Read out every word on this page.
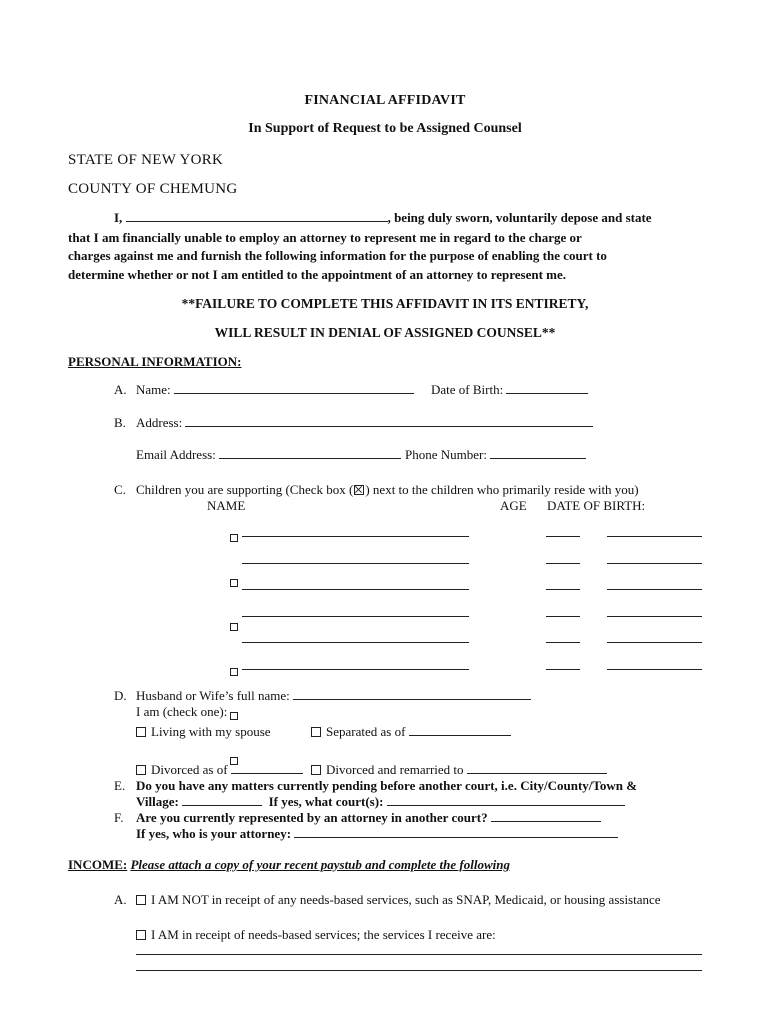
FINANCIAL AFFIDAVIT
In Support of Request to be Assigned Counsel
STATE OF NEW YORK
COUNTY OF CHEMUNG
I,	, being duly sworn, voluntarily depose and state
that I am financially unable to employ an attorney to represent me in regard to the charge or
charges against me and furnish the following information for the purpose of enabling the court to
determine whether or not I am entitled to the appointment of an attorney to represent me.
**FAILURE TO COMPLETE THIS AFFIDAVIT IN ITS ENTIRETY,
WILL RESULT IN DENIAL OF ASSIGNED COUNSEL**
PERSONAL INFORMATION:
A. Name:	Date of Birth:
B. Address:
Email Address:	Phone Number:
C. Children you are supporting (Check box ( ) next to the children who primarily reside with you)
NAME	AGE DATE OF BIRTH:
D. Husband or Wife’s full name:
I am (check one):
Living with my spouse	Separated as of
Divorced as of	Divorced and remarried to
E. Do you have any matters currently pending before another court, i.e. City/County/Town &
Village:	If yes, what court(s):
F. Are you currently represented by an attorney in another court?
If yes, who is your attorney:
INCOME: Please attach a copy of your recent paystub and complete the following
A.	I AM NOT in receipt of any needs-based services, such as SNAP, Medicaid, or housing assistance
I AM in receipt of needs-based services; the services I receive are:
